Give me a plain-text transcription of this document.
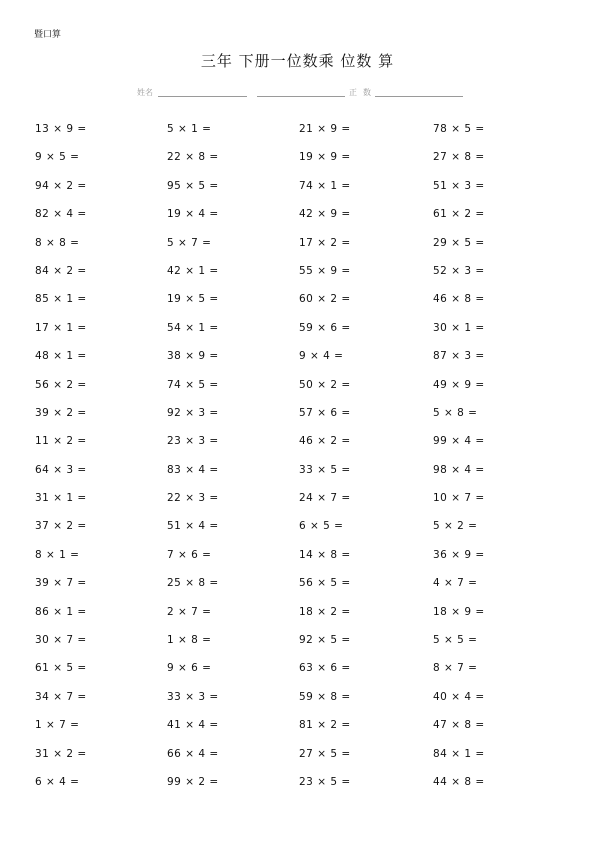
暨口算
三年 下册一位数乘 位数 算
姓名	正 数
13 × 9 =
9 × 5 =
94 × 2 =
82 × 4 =
8 × 8 =
84 × 2 =
85 × 1 =
17 × 1 =
48 × 1 =
56 × 2 =
39 × 2 =
11 × 2 =
64 × 3 =
31 × 1 =
37 × 2 =
8 × 1 =
39 × 7 =
86 × 1 =
30 × 7 =
61 × 5 =
34 × 7 =
1 × 7 =
31 × 2 =
6 × 4 =
5 × 1 =
22 × 8 =
95 × 5 =
19 × 4 =
5 × 7 =
42 × 1 =
19 × 5 =
54 × 1 =
38 × 9 =
74 × 5 =
92 × 3 =
23 × 3 =
83 × 4 =
22 × 3 =
51 × 4 =
7 × 6 =
25 × 8 =
2 × 7 =
1 × 8 =
9 × 6 =
33 × 3 =
41 × 4 =
66 × 4 =
99 × 2 =
21 × 9 =
19 × 9 =
74 × 1 =
42 × 9 =
17 × 2 =
55 × 9 =
60 × 2 =
59 × 6 =
9 × 4 =
50 × 2 =
57 × 6 =
46 × 2 =
33 × 5 =
24 × 7 =
6 × 5 =
14 × 8 =
56 × 5 =
18 × 2 =
92 × 5 =
63 × 6 =
59 × 8 =
81 × 2 =
27 × 5 =
23 × 5 =
78 × 5 =
27 × 8 =
51 × 3 =
61 × 2 =
29 × 5 =
52 × 3 =
46 × 8 =
30 × 1 =
87 × 3 =
49 × 9 =
5 × 8 =
99 × 4 =
98 × 4 =
10 × 7 =
5 × 2 =
36 × 9 =
4 × 7 =
18 × 9 =
5 × 5 =
8 × 7 =
40 × 4 =
47 × 8 =
84 × 1 =
44 × 8 =
